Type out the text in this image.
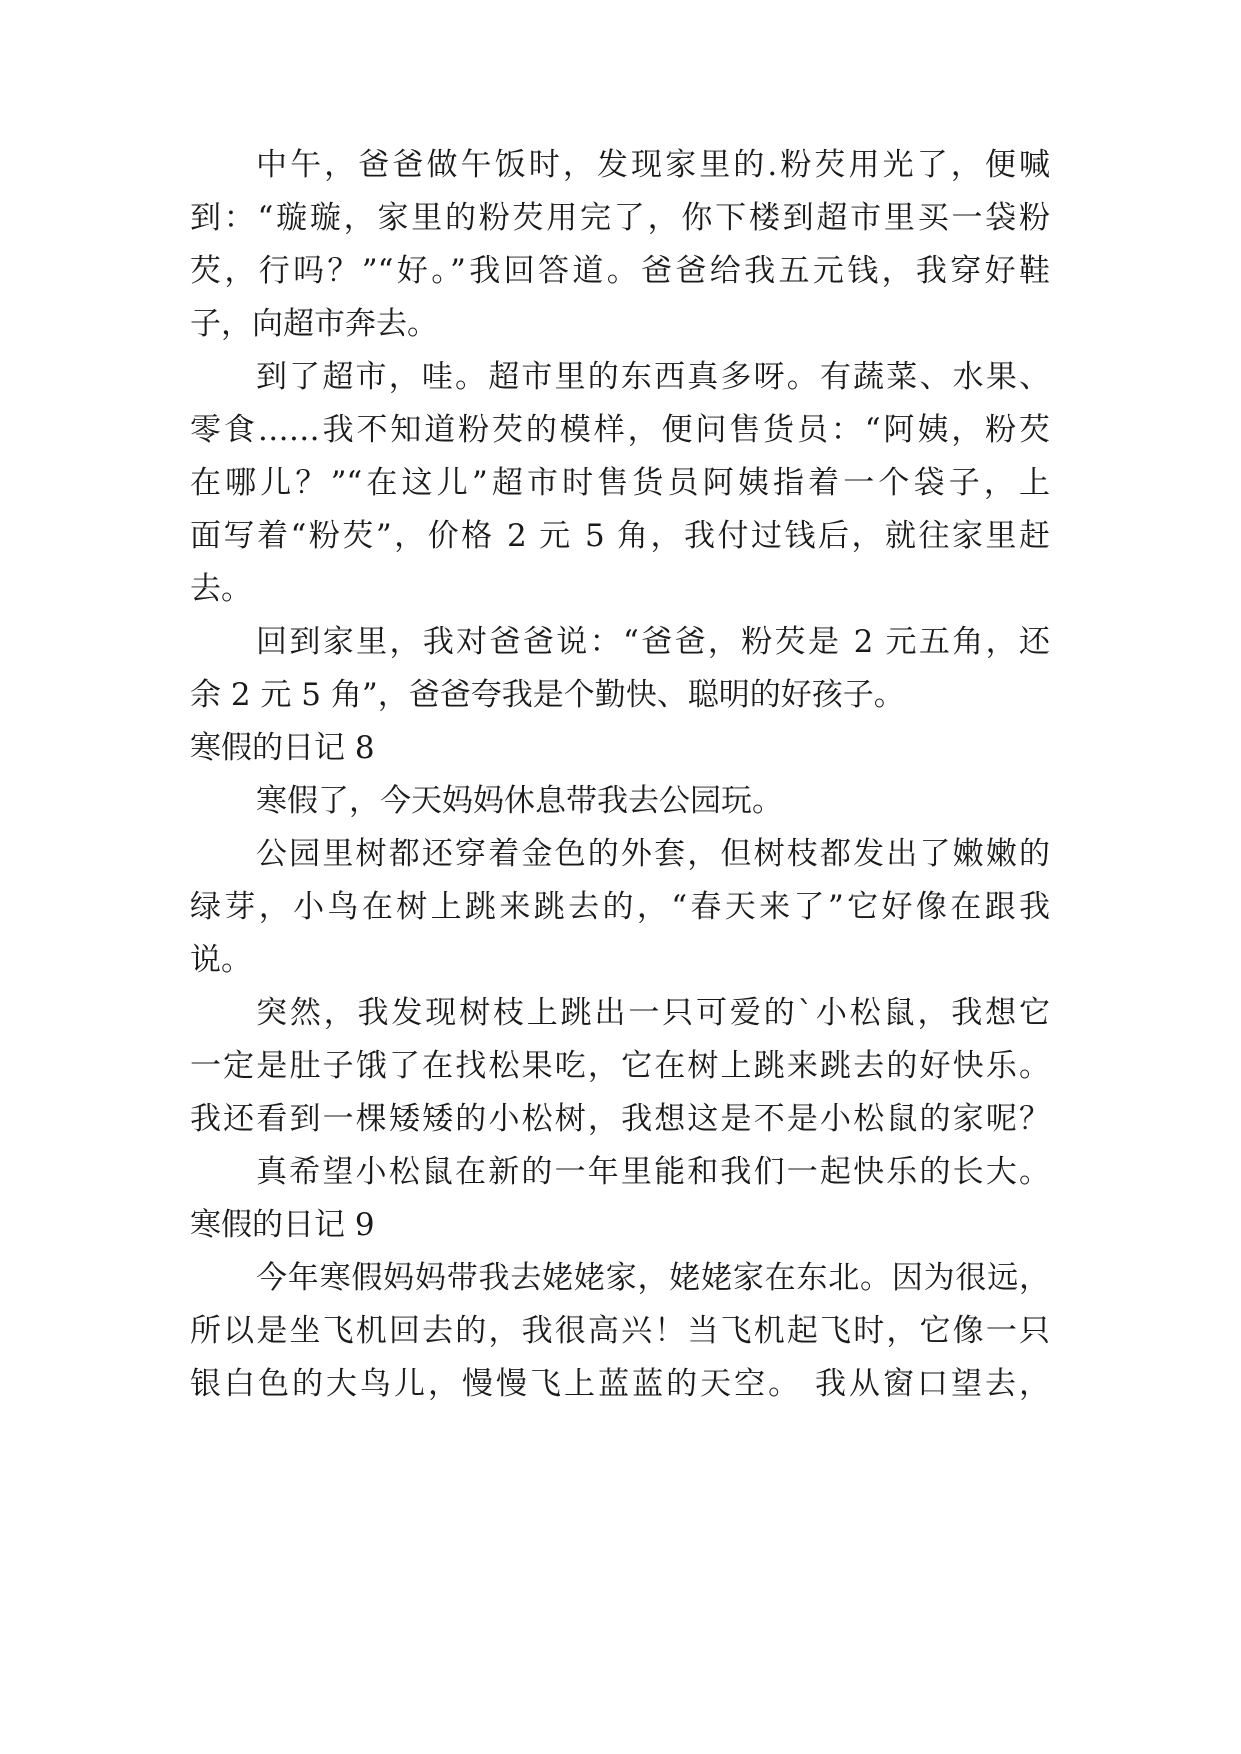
中午，爸爸做午饭时，发现家里的.粉芡用光了，便喊
到：“璇璇，家里的粉芡用完了，你下楼到超市里买一袋粉
芡，行吗？”“好。”我回答道。爸爸给我五元钱，我穿好鞋
子，向超市奔去。
到了超市，哇。超市里的东西真多呀。有蔬菜、水果、
零食……我不知道粉芡的模样，便问售货员：“阿姨，粉芡
在哪儿？”“在这儿”超市时售货员阿姨指着一个袋子，上
面写着“粉芡”，价格 2 元 5 角，我付过钱后，就往家里赶
去。
回到家里，我对爸爸说：“爸爸，粉芡是 2 元五角，还
余 2 元 5 角”，爸爸夸我是个勤快、聪明的好孩子。
寒假的日记 8
寒假了，今天妈妈休息带我去公园玩。
公园里树都还穿着金色的外套，但树枝都发出了嫩嫩的
绿芽，小鸟在树上跳来跳去的，“春天来了”它好像在跟我
说。
突然，我发现树枝上跳出一只可爱的`小松鼠，我想它
一定是肚子饿了在找松果吃，它在树上跳来跳去的好快乐。
我还看到一棵矮矮的小松树，我想这是不是小松鼠的家呢？
真希望小松鼠在新的一年里能和我们一起快乐的长大。
寒假的日记 9
今年寒假妈妈带我去姥姥家，姥姥家在东北。因为很远，
所以是坐飞机回去的，我很高兴！当飞机起飞时，它像一只
银白色的大鸟儿，慢慢飞上蓝蓝的天空。 我从窗口望去，
